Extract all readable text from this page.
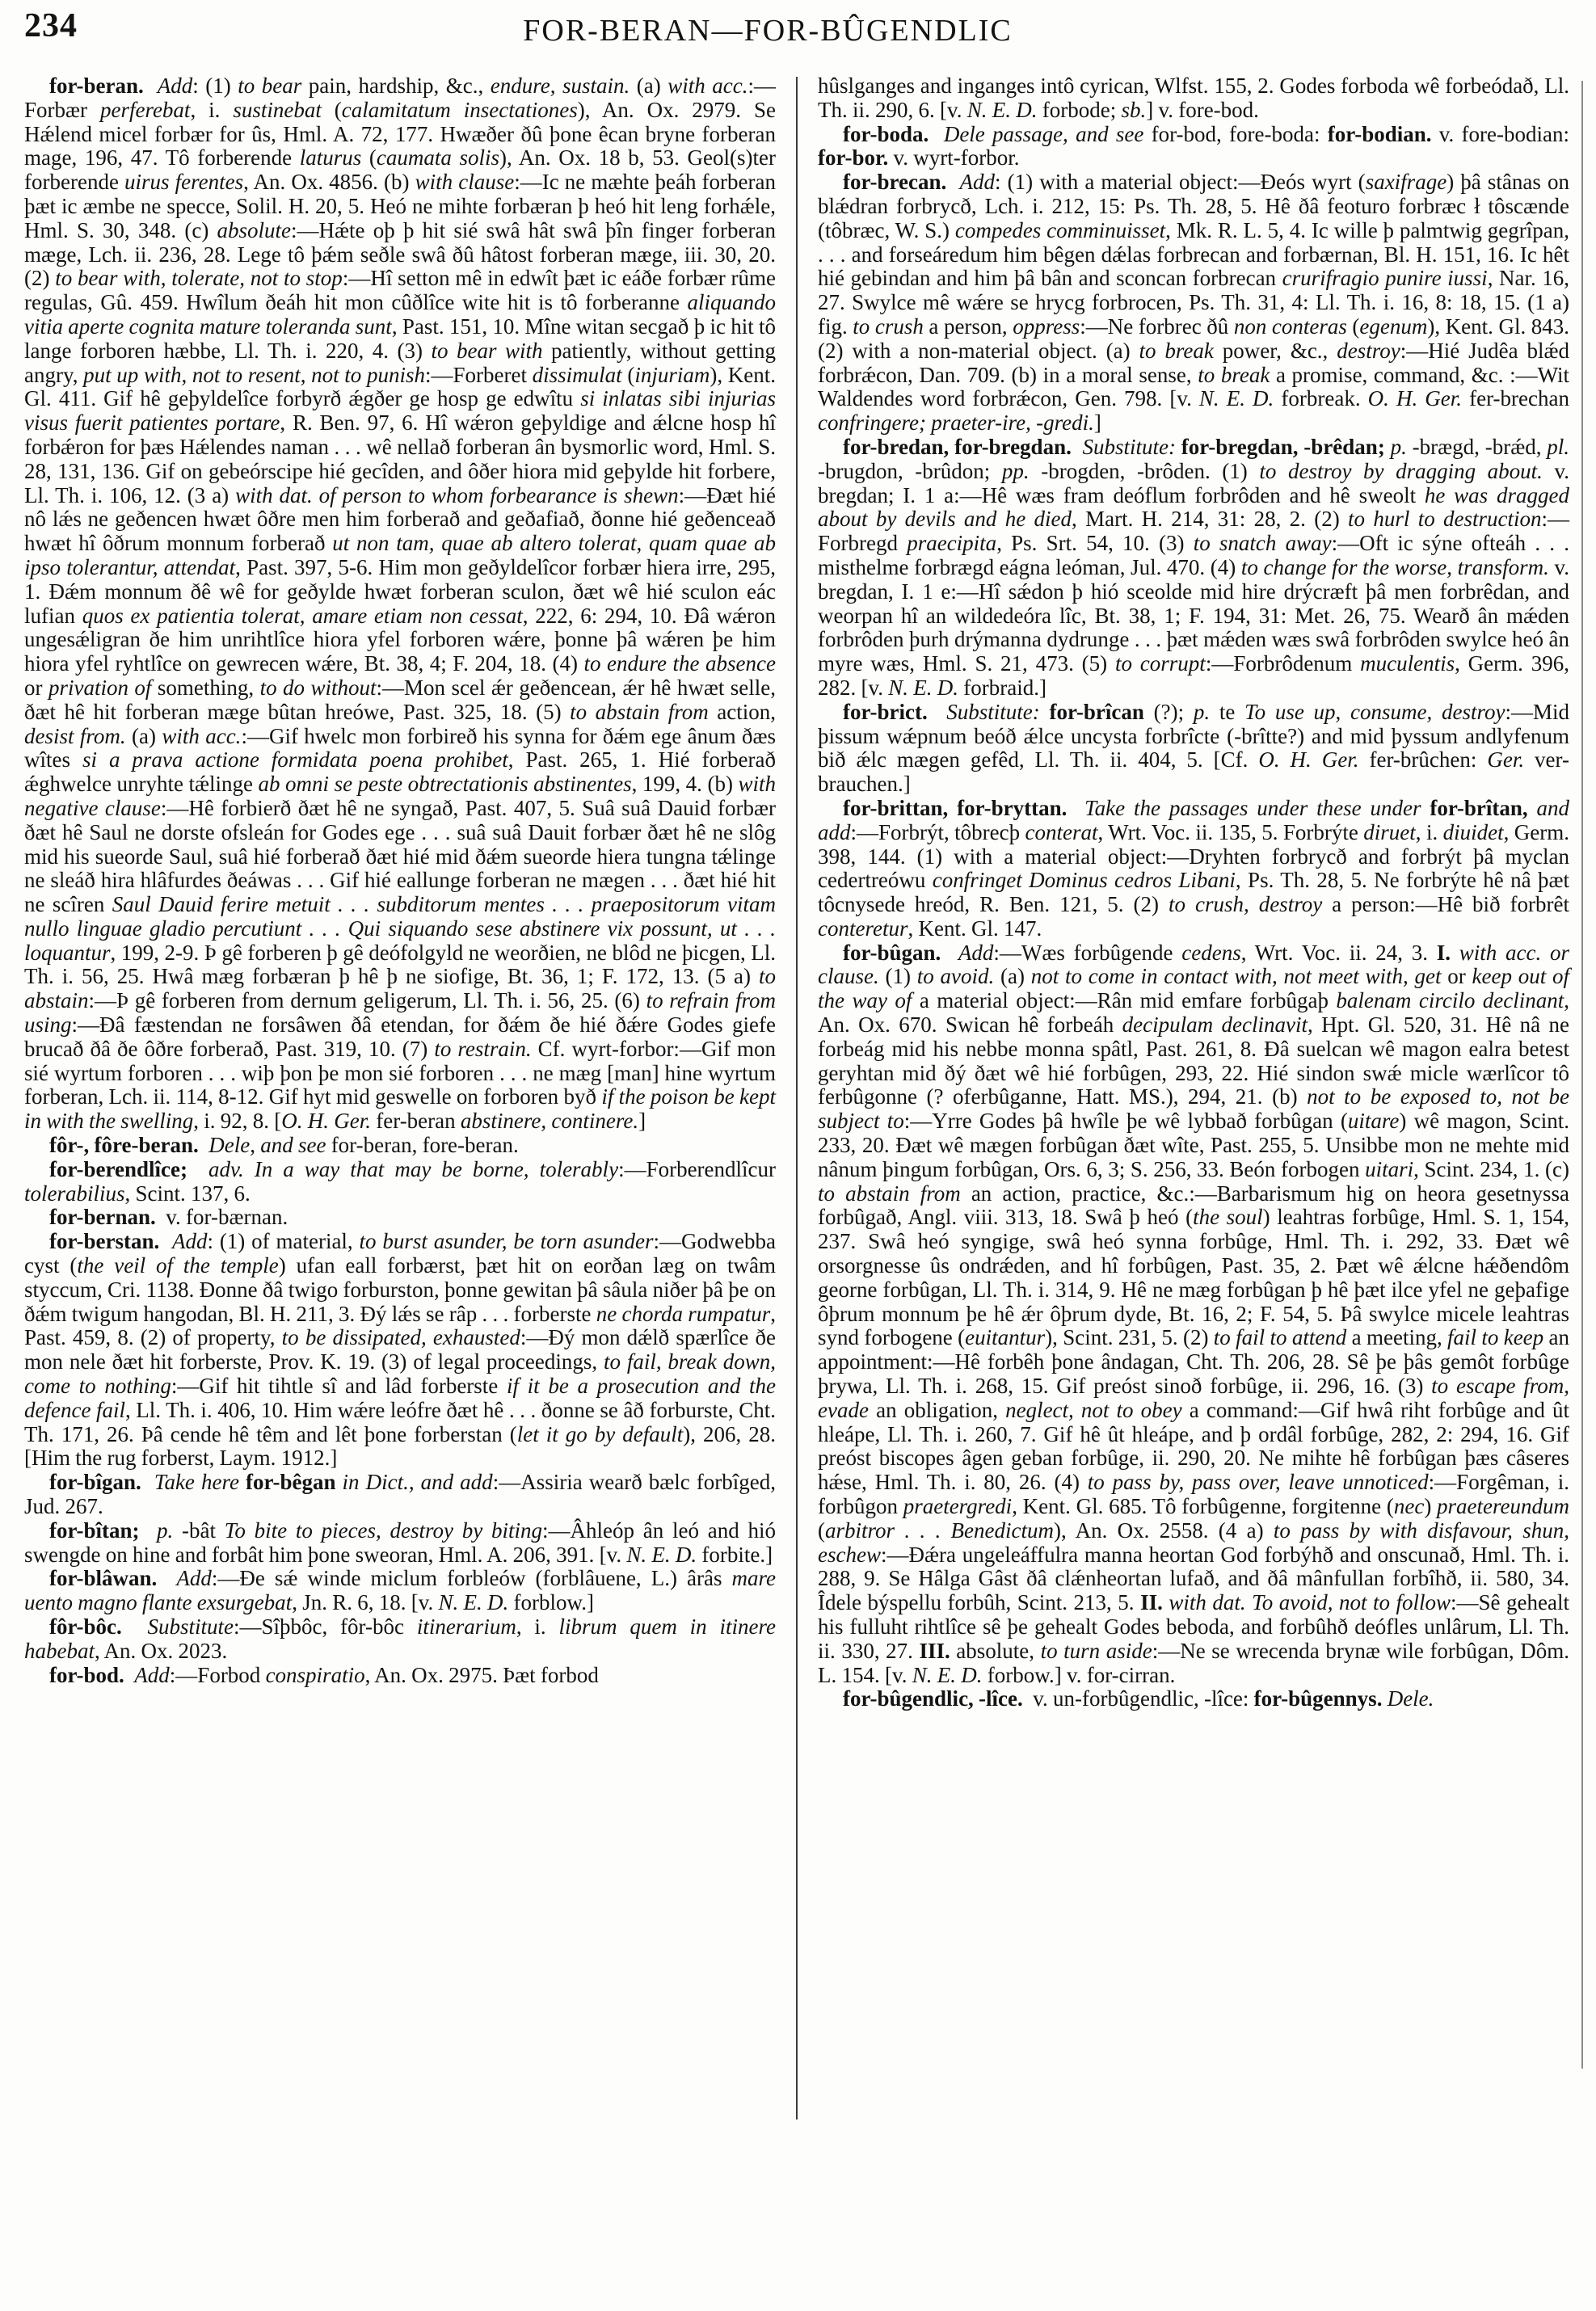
234	FOR-BERAN—FOR-BÛGENDLIC

for-beran. Add: (1) to bear pain, hardship, &c., endure, sustain. (a) with acc.:—Forbær perferebat, i. sustinebat (calamitatum insectationes), An. Ox. 2979. Se Hǽlend micel forbær for ûs, Hml. A. 72, 177. Hwæðer ðû þone êcan bryne forberan mage, 196, 47. Tô forberende laturus (caumata solis), An. Ox. 18 b, 53. Geol(s)ter forberende uirus ferentes, An. Ox. 4856. (b) with clause:—Ic ne mæhte þeáh forberan þæt ic æmbe ne specce, Solil. H. 20, 5. Heó ne mihte forbæran þ heó hit leng forhǽle, Hml. S. 30, 348. (c) absolute:—Hǽte oþ þ hit sié swâ hât swâ þîn finger forberan mæge, Lch. ii. 236, 28. Lege tô þǽm seðle swâ ðû hâtost forberan mæge, iii. 30, 20. (2) to bear with, tolerate, not to stop:—Hî setton mê in edwît þæt ic eáðe forbær rûme regulas, Gû. 459. Hwîlum ðeáh hit mon cûðlîce wite hit is tô forberanne aliquando vitia aperte cognita mature toleranda sunt, Past. 151, 10. Mîne witan secgað þ ic hit tô lange forboren hæbbe, Ll. Th. i. 220, 4. (3) to bear with patiently, without getting angry, put up with, not to resent, not to punish:—Forberet dissimulat (injuriam), Kent. Gl. 411. Gif hê geþyldelîce forbyrð ǽgðer ge hosp ge edwîtu si inlatas sibi injurias visus fuerit patientes portare, R. Ben. 97, 6. Hî wǽron geþyldige and ǽlcne hosp hî forbǽron for þæs Hǽlendes naman . . . wê nellað forberan ân bysmorlic word, Hml. S. 28, 131, 136. Gif on gebeórscipe hié gecîden, and ôðer hiora mid geþylde hit forbere, Ll. Th. i. 106, 12. (3 a) with dat. of person to whom forbearance is shewn:—Ðæt hié nô lǽs ne geðencen hwæt ôðre men him forberað and geðafiað, ðonne hié geðenceað hwæt hî ôðrum monnum forberað ut non tam, quae ab altero tolerat, quam quae ab ipso tolerantur, attendat, Past. 397, 5-6. Him mon geðyldelîcor forbær hiera irre, 295, 1. Ðǽm monnum ðê wê for geðylde hwæt forberan sculon, ðæt wê hié sculon eác lufian quos ex patientia tolerat, amare etiam non cessat, 222, 6: 294, 10. Ðâ wǽron ungesǽligran ðe him unrihtlîce hiora yfel forboren wǽre, þonne þâ wǽren þe him hiora yfel ryhtlîce on gewrecen wǽre, Bt. 38, 4; F. 204, 18. (4) to endure the absence or privation of something, to do without:—Mon scel ǽr geðencean, ǽr hê hwæt selle, ðæt hê hit forberan mæge bûtan hreówe, Past. 325, 18. (5) to abstain from action, desist from. (a) with acc.:—Gif hwelc mon forbireð his synna for ðǽm ege ânum ðæs wîtes si a prava actione formidata poena prohibet, Past. 265, 1. Hié forberað ǽghwelce unryhte tǽlinge ab omni se peste obtrectationis abstinentes, 199, 4. (b) with negative clause:—Hê forbierð ðæt hê ne syngað, Past. 407, 5. Suâ suâ Dauid forbær ðæt hê Saul ne dorste ofsleán for Godes ege . . . suâ suâ Dauit forbær ðæt hê ne slôg mid his sueorde Saul, suâ hié forberað ðæt hié mid ðǽm sueorde hiera tungna tǽlinge ne sleáð hira hlâfurdes ðeáwas . . . Gif hié eallunge forberan ne mægen . . . ðæt hié hit ne scîren Saul Dauid ferire metuit . . . subditorum mentes . . . praepositorum vitam nullo linguae gladio percutiunt . . . Qui siquando sese abstinere vix possunt, ut . . . loquantur, 199, 2-9. Þ gê forberen þ gê deófolgyld ne weorðien, ne blôd ne þicgen, Ll. Th. i. 56, 25. Hwâ mæg forbæran þ hê þ ne siofige, Bt. 36, 1; F. 172, 13. (5 a) to abstain:—Þ gê forberen from dernum geligerum, Ll. Th. i. 56, 25. (6) to refrain from using:—Ðâ fæstendan ne forsâwen ðâ etendan, for ðǽm ðe hié ðǽre Godes giefe brucað ðâ ðe ôðre forberað, Past. 319, 10. (7) to restrain. Cf. wyrt-forbor:—Gif mon sié wyrtum forboren . . . wiþ þon þe mon sié forboren . . . ne mæg [man] hine wyrtum forberan, Lch. ii. 114, 8-12. Gif hyt mid geswelle on forboren byð if the poison be kept in with the swelling, i. 92, 8. [O. H. Ger. fer-beran abstinere, continere.]

fôr-, fôre-beran. Dele, and see for-beran, fore-beran.

for-berendlîce; adv. In a way that may be borne, tolerably:—Forberendlîcur tolerabilius, Scint. 137, 6.

for-bernan.  v. for-bærnan.

for-berstan. Add: (1) of material, to burst asunder, be torn asunder:—Godwebba cyst (the veil of the temple) ufan eall forbærst, þæt hit on eorðan læg on twâm styccum, Cri. 1138. Ðonne ðâ twigo forburston, þonne gewitan þâ sâula niðer þâ þe on ðǽm twigum hangodan, Bl. H. 211, 3. Ðý lǽs se râp . . . forberste ne chorda rumpatur, Past. 459, 8. (2) of property, to be dissipated, exhausted:—Ðý mon dǽlð spærlîce ðe mon nele ðæt hit forberste, Prov. K. 19. (3) of legal proceedings, to fail, break down, come to nothing:—Gif hit tihtle sî and lâd forberste if it be a prosecution and the defence fail, Ll. Th. i. 406, 10. Him wǽre leófre ðæt hê . . . ðonne se âð forburste, Cht. Th. 171, 26. Þâ cende hê têm and lêt þone forberstan (let it go by default), 206, 28. [Him the rug forberst, Laym. 1912.]

for-bîgan. Take here for-bêgan in Dict., and add:—Assiria wearð bælc forbîged, Jud. 267.

for-bîtan; p. -bât To bite to pieces, destroy by biting:—Âhleóp ân leó and hió swengde on hine and forbât him þone sweoran, Hml. A. 206, 391. [v. N. E. D. forbite.]

for-blâwan. Add:—Ðe sǽ winde miclum forbleów (forblâuene, L.) ârâs mare uento magno flante exsurgebat, Jn. R. 6, 18. [v. N. E. D. forblow.]

fôr-bôc. Substitute:—Sîþbôc, fôr-bôc itinerarium, i. librum quem in itinere habebat, An. Ox. 2023.

for-bod. Add:—Forbod conspiratio, An. Ox. 2975. Þæt forbod

hûslganges and inganges intô cyrican, Wlfst. 155, 2. Godes forboda wê forbeódað, Ll. Th. ii. 290, 6. [v. N. E. D. forbode; sb.] v. fore-bod.

for-boda. Dele passage, and see for-bod, fore-boda: for-bodian. v. fore-bodian: for-bor. v. wyrt-forbor.

for-brecan. Add: (1) with a material object:—Ðeós wyrt (saxifrage) þâ stânas on blǽdran forbrycð, Lch. i. 212, 15: Ps. Th. 28, 5. Hê ðâ feoturo forbræc ł tôscænde (tôbræc, W. S.) compedes comminuisset, Mk. R. L. 5, 4. Ic wille þ palmtwig gegrîpan, . . . and forseáredum him bêgen dǽlas forbrecan and forbærnan, Bl. H. 151, 16. Ic hêt hié gebindan and him þâ bân and sconcan forbrecan crurifragio punire iussi, Nar. 16, 27. Swylce mê wǽre se hrycg forbrocen, Ps. Th. 31, 4: Ll. Th. i. 16, 8: 18, 15. (1 a) fig. to crush a person, oppress:—Ne forbrec ðû non conteras (egenum), Kent. Gl. 843. (2) with a non-material object. (a) to break power, &c., destroy:—Hié Judêa blǽd forbrǽcon, Dan. 709. (b) in a moral sense, to break a promise, command, &c. :—Wit Waldendes word forbrǽcon, Gen. 798. [v. N. E. D. forbreak. O. H. Ger. fer-brechan confringere; praeter-ire, -gredi.]

for-bredan, for-bregdan. Substitute: for-bregdan, -brêdan; p. -brægd, -brǽd, pl. -brugdon, -brûdon; pp. -brogden, -brôden. (1) to destroy by dragging about. v. bregdan; I. 1 a:—Hê wæs fram deóflum forbrôden and hê sweolt he was dragged about by devils and he died, Mart. H. 214, 31: 28, 2. (2) to hurl to destruction:—Forbregd praecipita, Ps. Srt. 54, 10. (3) to snatch away:—Oft ic sýne ofteáh . . . misthelme forbrægd eágna leóman, Jul. 470. (4) to change for the worse, transform. v. bregdan, I. 1 e:—Hî sǽdon þ hió sceolde mid hire drýcræft þâ men forbrêdan, and weorpan hî an wildedeóra lîc, Bt. 38, 1; F. 194, 31: Met. 26, 75. Wearð ân mǽden forbrôden þurh drýmanna dydrunge . . . þæt mǽden wæs swâ forbrôden swylce heó ân myre wæs, Hml. S. 21, 473. (5) to corrupt:—Forbrôdenum muculentis, Germ. 396, 282. [v. N. E. D. forbraid.]

for-brict. Substitute: for-brîcan (?); p. te To use up, consume, destroy:—Mid þissum wǽpnum beóð ǽlce uncysta forbrîcte (-brîtte?) and mid þyssum andlyfenum bið ǽlc mægen gefêd, Ll. Th. ii. 404, 5. [Cf. O. H. Ger. fer-brûchen: Ger. ver-brauchen.]

for-brittan, for-bryttan. Take the passages under these under for-brîtan, and add:—Forbrýt, tôbrecþ conterat, Wrt. Voc. ii. 135, 5. Forbrýte diruet, i. diuidet, Germ. 398, 144. (1) with a material object:—Dryhten forbrycð and forbrýt þâ myclan cedertreówu confringet Dominus cedros Libani, Ps. Th. 28, 5. Ne forbrýte hê nâ þæt tôcnysede hreód, R. Ben. 121, 5. (2) to crush, destroy a person:—Hê bið forbrêt conteretur, Kent. Gl. 147.

for-bûgan. Add:—Wæs forbûgende cedens, Wrt. Voc. ii. 24, 3. I. with acc. or clause. (1) to avoid. (a) not to come in contact with, not meet with, get or keep out of the way of a material object:—Rân mid emfare forbûgaþ balenam circilo declinant, An. Ox. 670. Swican hê forbeáh decipulam declinavit, Hpt. Gl. 520, 31. Hê nâ ne forbeág mid his nebbe monna spâtl, Past. 261, 8. Ðâ suelcan wê magon ealra betest geryhtan mid ðý ðæt wê hié forbûgen, 293, 22. Hié sindon swǽ micle wærlîcor tô ferbûgonne (? oferbûganne, Hatt. MS.), 294, 21. (b) not to be exposed to, not be subject to:—Yrre Godes þâ hwîle þe wê lybbað forbûgan (uitare) wê magon, Scint. 233, 20. Ðæt wê mægen forbûgan ðæt wîte, Past. 255, 5. Unsibbe mon ne mehte mid nânum þingum forbûgan, Ors. 6, 3; S. 256, 33. Beón forbogen uitari, Scint. 234, 1. (c) to abstain from an action, practice, &c.:—Barbarismum hig on heora gesetnyssa forbûgað, Angl. viii. 313, 18. Swâ þ heó (the soul) leahtras forbûge, Hml. S. 1, 154, 237. Swâ heó syngige, swâ heó synna forbûge, Hml. Th. i. 292, 33. Ðæt wê orsorgnesse ûs ondrǽden, and hî forbûgen, Past. 35, 2. Þæt wê ǽlcne hǽðendôm georne forbûgan, Ll. Th. i. 314, 9. Hê ne mæg forbûgan þ hê þæt ilce yfel ne geþafige ôþrum monnum þe hê ǽr ôþrum dyde, Bt. 16, 2; F. 54, 5. Þâ swylce micele leahtras synd forbogene (euitantur), Scint. 231, 5. (2) to fail to attend a meeting, fail to keep an appointment:—Hê forbêh þone ândagan, Cht. Th. 206, 28. Sê þe þâs gemôt forbûge þrywa, Ll. Th. i. 268, 15. Gif preóst sinoð forbûge, ii. 296, 16. (3) to escape from, evade an obligation, neglect, not to obey a command:—Gif hwâ riht forbûge and ût hleápe, Ll. Th. i. 260, 7. Gif hê ût hleápe, and þ ordâl forbûge, 282, 2: 294, 16. Gif preóst biscopes âgen geban forbûge, ii. 290, 20. Ne mihte hê forbûgan þæs câseres hǽse, Hml. Th. i. 80, 26. (4) to pass by, pass over, leave unnoticed:—Forgêman, i. forbûgon praetergredi, Kent. Gl. 685. Tô forbûgenne, forgitenne (nec) praetereundum (arbitror . . . Benedictum), An. Ox. 2558. (4 a) to pass by with disfavour, shun, eschew:—Ðǽra ungeleáffulra manna heortan God forbýhð and onscunað, Hml. Th. i. 288, 9. Se Hâlga Gâst ðâ clǽnheortan lufað, and ðâ mânfullan forbîhð, ii. 580, 34. Îdele býspellu forbûh, Scint. 213, 5. II. with dat. To avoid, not to follow:—Sê gehealt his fulluht rihtlîce sê þe gehealt Godes beboda, and forbûhð deófles unlârum, Ll. Th. ii. 330, 27. III. absolute, to turn aside:—Ne se wrecenda brynæ wile forbûgan, Dôm. L. 154. [v. N. E. D. forbow.] v. for-cirran.

for-bûgendlic, -lîce.  v. un-forbûgendlic, -lîce: for-bûgennys. Dele.
